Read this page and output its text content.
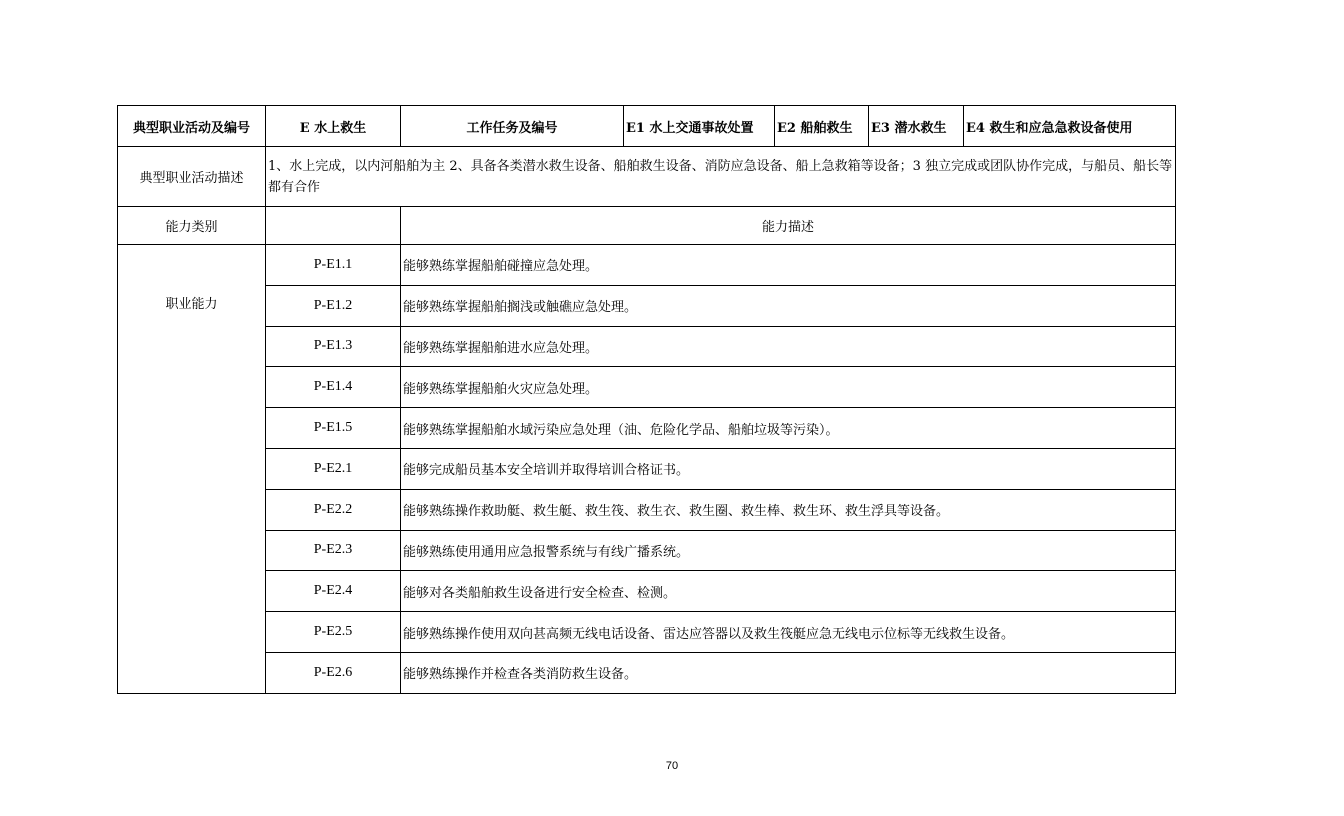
典型职业活动及编号	E 水上救生	工作任务及编号	E1 水上交通事故处置	E2 船舶救生	E3 潜水救生	E4 救生和应急急救设备使用
典型职业活动描述	1、水上完成，以内河船舶为主 2、具备各类潜水救生设备、船舶救生设备、消防应急设备、船上急救箱等设备；3 独立完成或团队协作完成，与船员、船长等都有合作					
能力类别		能力描述				
职业能力	P-E1.1	能够熟练掌握船舶碰撞应急处理。				
	P-E1.2	能够熟练掌握船舶搁浅或触礁应急处理。				
	P-E1.3	能够熟练掌握船舶进水应急处理。				
	P-E1.4	能够熟练掌握船舶火灾应急处理。				
	P-E1.5	能够熟练掌握船舶水域污染应急处理（油、危险化学品、船舶垃圾等污染）。				
	P-E2.1	能够完成船员基本安全培训并取得培训合格证书。				
	P-E2.2	能够熟练操作救助艇、救生艇、救生筏、救生衣、救生圈、救生棒、救生环、救生浮具等设备。				
	P-E2.3	能够熟练使用通用应急报警系统与有线广播系统。				
	P-E2.4	能够对各类船舶救生设备进行安全检查、检测。				
	P-E2.5	能够熟练操作使用双向甚高频无线电话设备、雷达应答器以及救生筏艇应急无线电示位标等无线救生设备。				
	P-E2.6	能够熟练操作并检查各类消防救生设备。				
70
